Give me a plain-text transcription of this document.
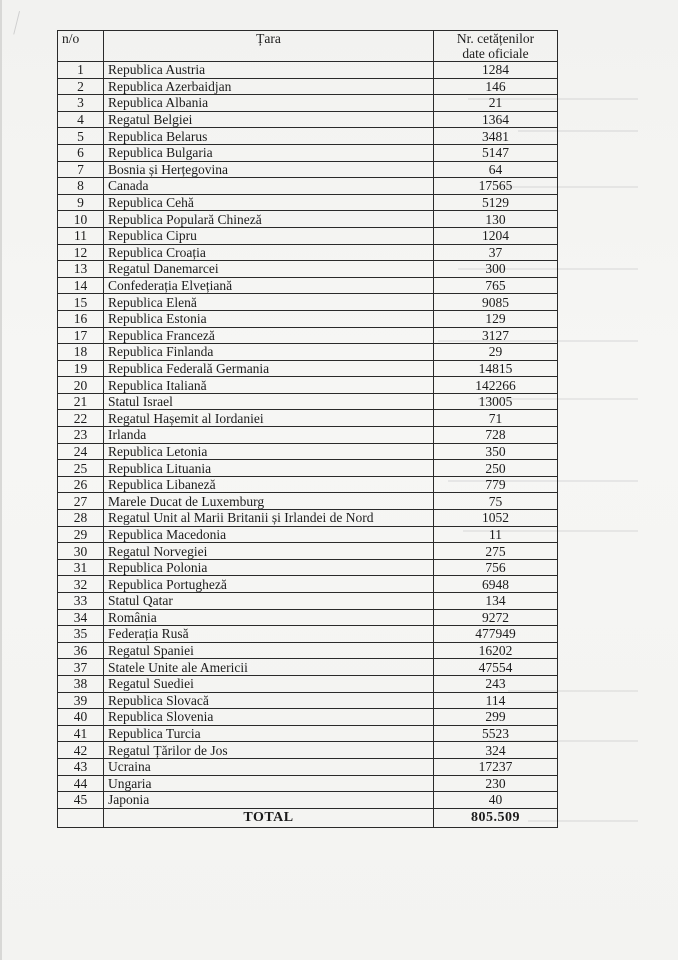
n/o	Țara	Nr. cetățenilor
date oficiale
1	Republica Austria	1284
2	Republica Azerbaidjan	146
3	Republica Albania	21
4	Regatul Belgiei	1364
5	Republica Belarus	3481
6	Republica Bulgaria	5147
7	Bosnia și Herțegovina	64
8	Canada	17565
9	Republica Cehă	5129
10	Republica Populară Chineză	130
11	Republica Cipru	1204
12	Republica Croația	37
13	Regatul Danemarcei	300
14	Confederația Elvețiană	765
15	Republica Elenă	9085
16	Republica Estonia	129
17	Republica Franceză	3127
18	Republica Finlanda	29
19	Republica Federală Germania	14815
20	Republica Italiană	142266
21	Statul Israel	13005
22	Regatul Hașemit al Iordaniei	71
23	Irlanda	728
24	Republica Letonia	350
25	Republica Lituania	250
26	Republica Libaneză	779
27	Marele Ducat de Luxemburg	75
28	Regatul Unit al Marii Britanii și Irlandei de Nord	1052
29	Republica Macedonia	11
30	Regatul Norvegiei	275
31	Republica Polonia	756
32	Republica Portugheză	6948
33	Statul Qatar	134
34	România	9272
35	Federația Rusă	477949
36	Regatul Spaniei	16202
37	Statele Unite ale Americii	47554
38	Regatul Suediei	243
39	Republica Slovacă	114
40	Republica Slovenia	299
41	Republica Turcia	5523
42	Regatul Țărilor de Jos	324
43	Ucraina	17237
44	Ungaria	230
45	Japonia	40
	TOTAL	805.509
